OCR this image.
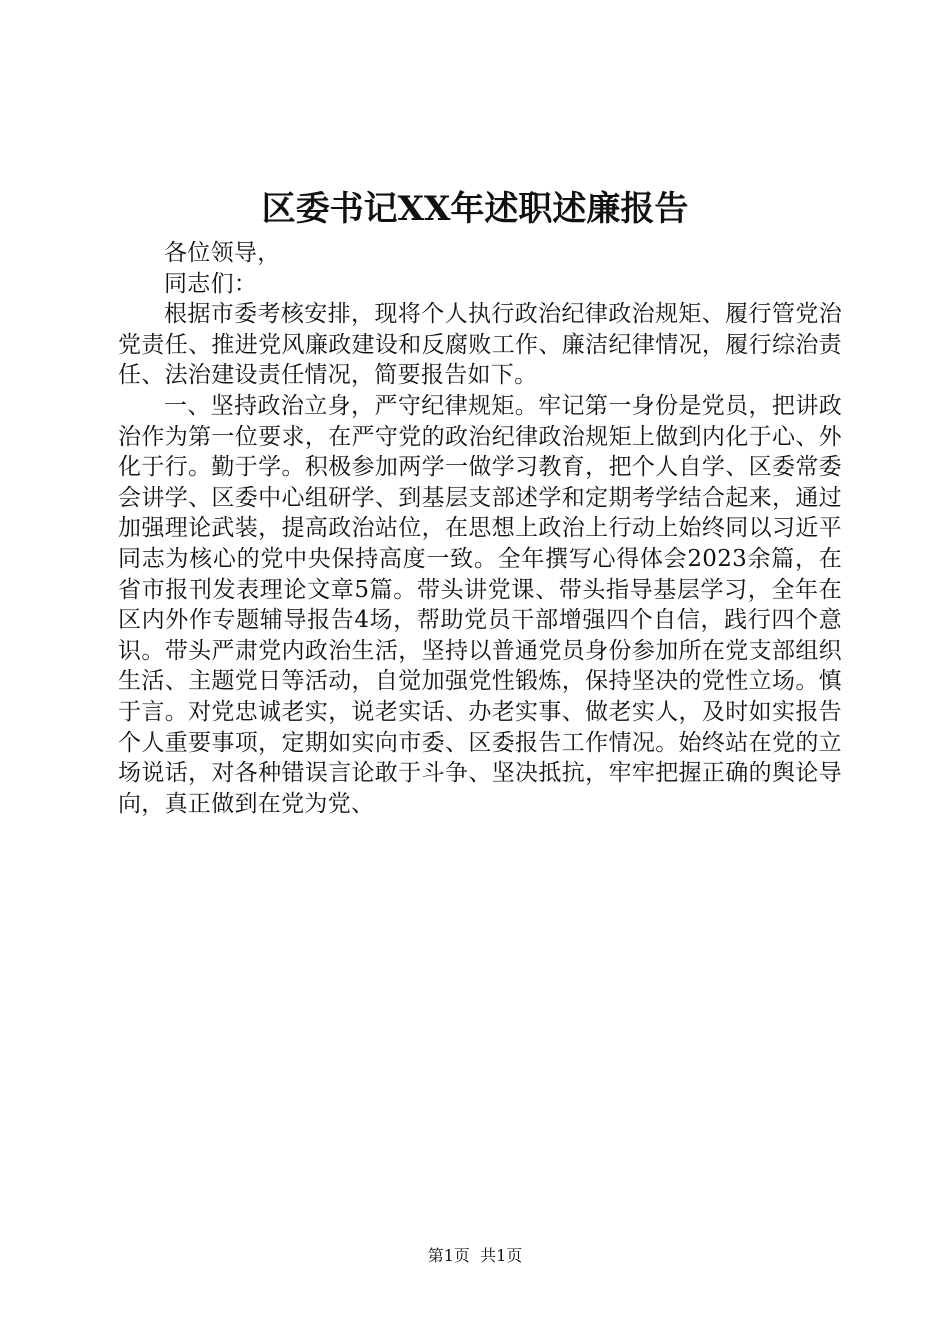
区委书记XX年述职述廉报告

各位领导，

同志们：

根据市委考核安排，现将个人执行政治纪律政治规矩、履行管党治党责任、推进党风廉政建设和反腐败工作、廉洁纪律情况，履行综治责任、法治建设责任情况，简要报告如下。

一、坚持政治立身，严守纪律规矩。牢记第一身份是党员，把讲政治作为第一位要求，在严守党的政治纪律政治规矩上做到内化于心、外化于行。勤于学。积极参加两学一做学习教育，把个人自学、区委常委会讲学、区委中心组研学、到基层支部述学和定期考学结合起来，通过加强理论武装，提高政治站位，在思想上政治上行动上始终同以习近平同志为核心的党中央保持高度一致。全年撰写心得体会2023余篇，在省市报刊发表理论文章5篇。带头讲党课、带头指导基层学习，全年在区内外作专题辅导报告4场，帮助党员干部增强四个自信，践行四个意识。带头严肃党内政治生活，坚持以普通党员身份参加所在党支部组织生活、主题党日等活动，自觉加强党性锻炼，保持坚决的党性立场。慎于言。对党忠诚老实，说老实话、办老实事、做老实人，及时如实报告个人重要事项，定期如实向市委、区委报告工作情况。始终站在党的立场说话，对各种错误言论敢于斗争、坚决抵抗，牢牢把握正确的舆论导向，真正做到在党为党、

第1页  共1页
